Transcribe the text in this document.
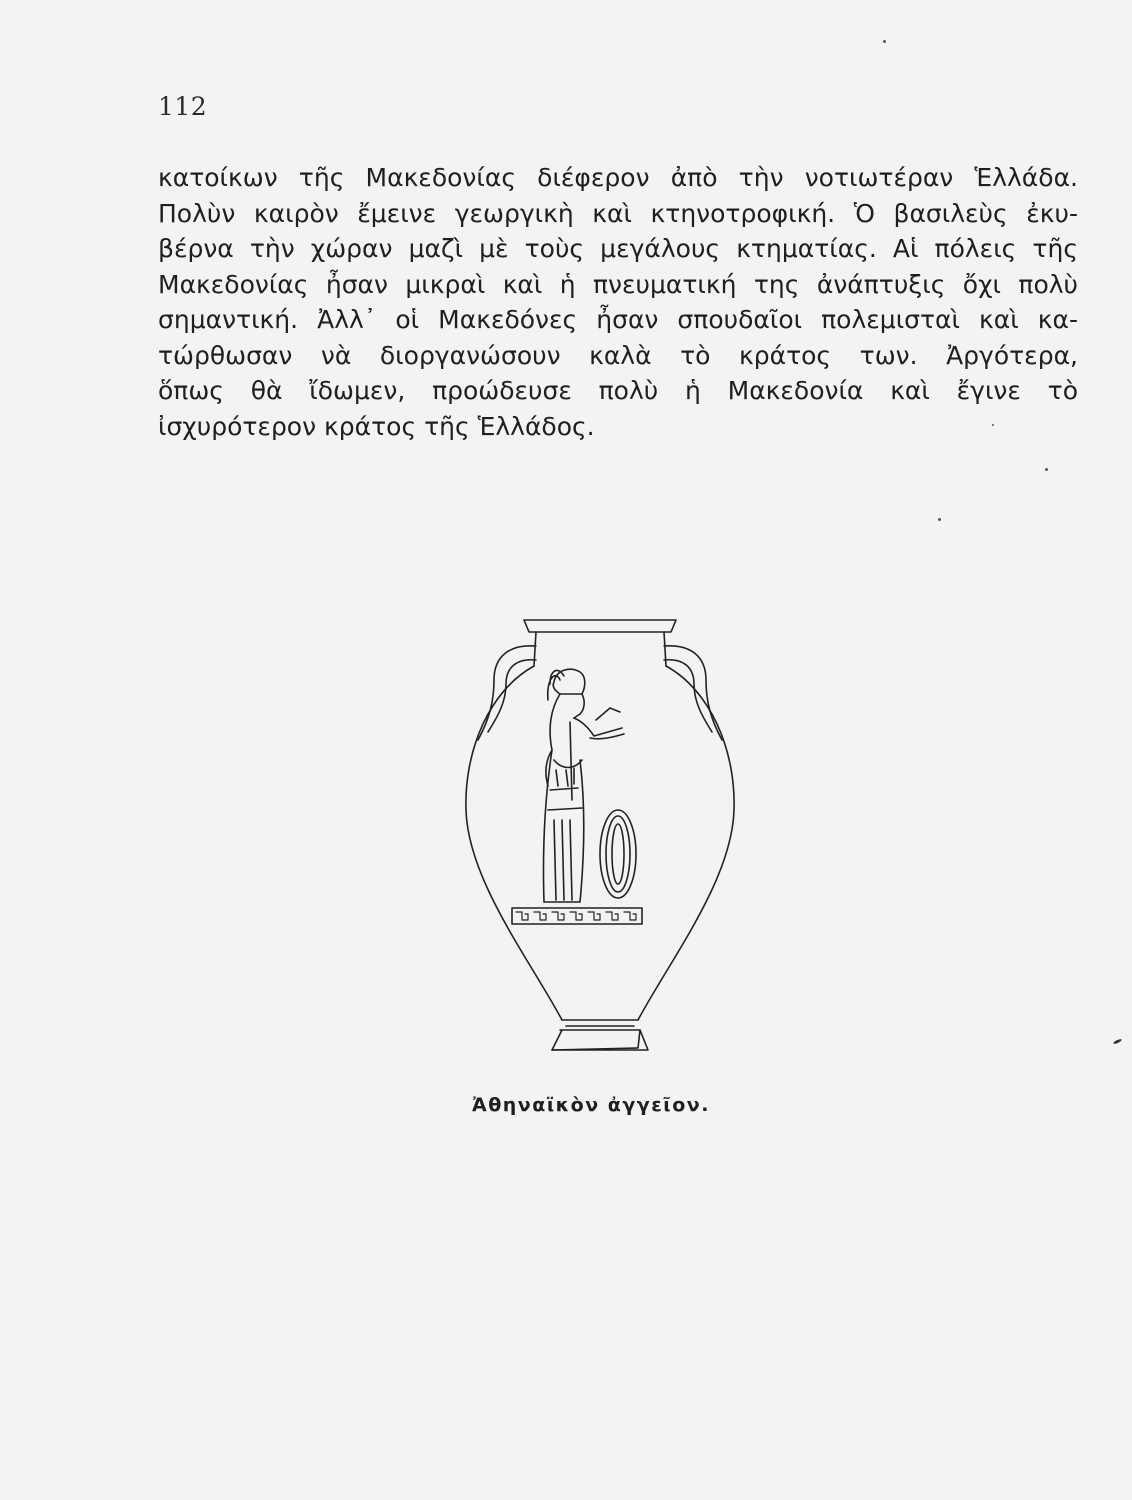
112
κατοίκων τῆς Μακεδονίας διέφερον ἀπὸ τὴν νοτιωτέραν Ἑλλάδα.
Πολὺν καιρὸν ἔμεινε γεωργικὴ καὶ κτηνοτροφική. Ὁ βασιλεὺς ἐκυ-
βέρνα τὴν χώραν μαζὶ μὲ τοὺς μεγάλους κτηματίας. Αἱ πόλεις τῆς
Μακεδονίας ἦσαν μικραὶ καὶ ἡ πνευματική της ἀνάπτυξις ὄχι πολὺ
σημαντική. Ἀλλ᾽ οἱ Μακεδόνες ἦσαν σπουδαῖοι πολεμισταὶ καὶ κα-
τώρθωσαν νὰ διοργανώσουν καλὰ τὸ κράτος των. Ἀργότερα,
ὅπως θὰ ἴδωμεν, προώδευσε πολὺ ἡ Μακεδονία καὶ ἔγινε τὸ
ἰσχυρότερον κράτος τῆς Ἑλλάδος.
Ἀθηναϊκὸν ἀγγεῖον.
